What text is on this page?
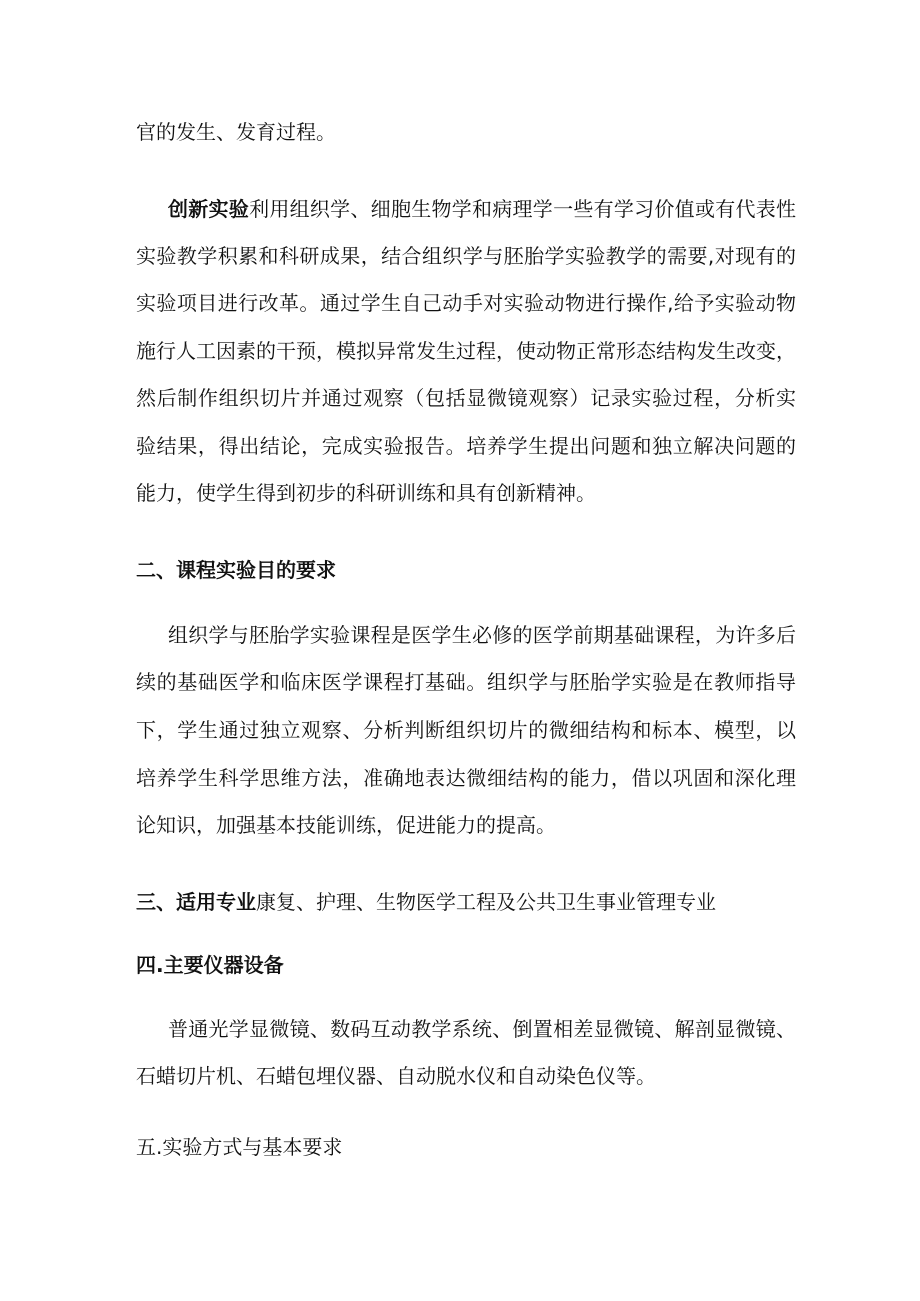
官的发生、发育过程。
创新实验利用组织学、细胞生物学和病理学一些有学习价值或有代表性
实验教学积累和科研成果，结合组织学与胚胎学实验教学的需要,对现有的
实验项目进行改革。通过学生自己动手对实验动物进行操作,给予实验动物
施行人工因素的干预，模拟异常发生过程，使动物正常形态结构发生改变，
然后制作组织切片并通过观察（包括显微镜观察）记录实验过程，分析实
验结果，得出结论，完成实验报告。培养学生提出问题和独立解决问题的
能力，使学生得到初步的科研训练和具有创新精神。
二、课程实验目的要求
组织学与胚胎学实验课程是医学生必修的医学前期基础课程，为许多后
续的基础医学和临床医学课程打基础。组织学与胚胎学实验是在教师指导
下，学生通过独立观察、分析判断组织切片的微细结构和标本、模型，以
培养学生科学思维方法，准确地表达微细结构的能力，借以巩固和深化理
论知识，加强基本技能训练，促进能力的提高。
三、适用专业康复、护理、生物医学工程及公共卫生事业管理专业
四.主要仪器设备
普通光学显微镜、数码互动教学系统、倒置相差显微镜、解剖显微镜、
石蜡切片机、石蜡包埋仪器、自动脱水仪和自动染色仪等。
五.实验方式与基本要求
